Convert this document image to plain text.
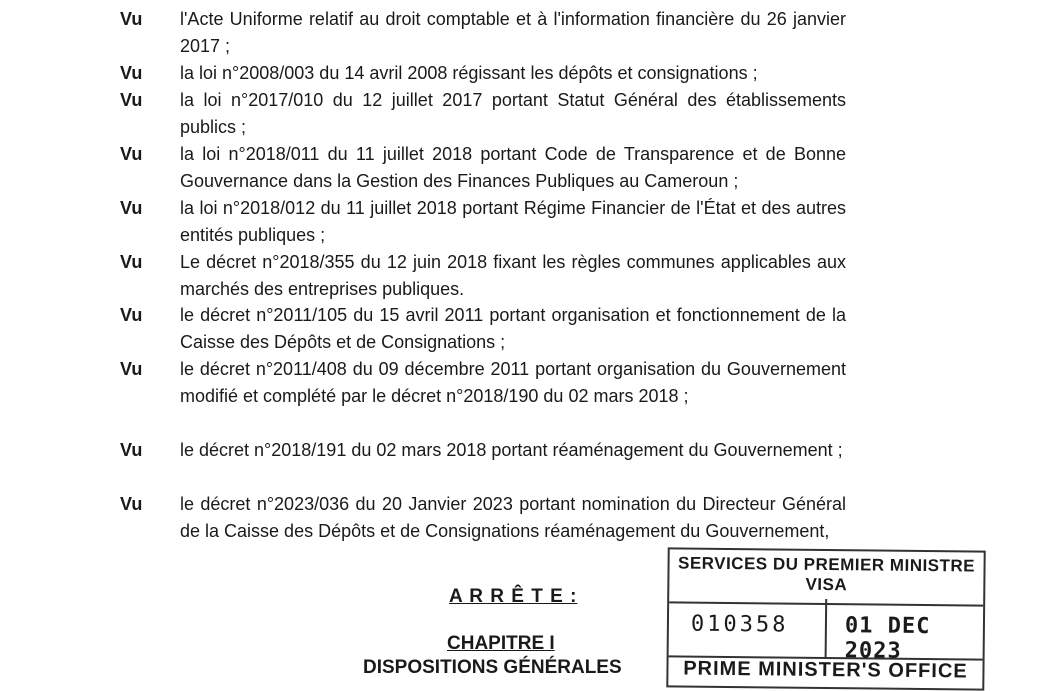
Vu l'Acte Uniforme relatif au droit comptable et à l'information financière du 26 janvier 2017 ;
Vu la loi n°2008/003 du 14 avril 2008 régissant les dépôts et consignations ;
Vu la loi n°2017/010 du 12 juillet 2017 portant Statut Général des établissements publics ;
Vu la loi n°2018/011 du 11 juillet 2018 portant Code de Transparence et de Bonne Gouvernance dans la Gestion des Finances Publiques au Cameroun ;
Vu la loi n°2018/012 du 11 juillet 2018 portant Régime Financier de l'État et des autres entités publiques ;
Vu Le décret n°2018/355 du 12 juin 2018 fixant les règles communes applicables aux marchés des entreprises publiques.
Vu le décret n°2011/105 du 15 avril 2011 portant organisation et fonctionnement de la Caisse des Dépôts et de Consignations ;
Vu le décret n°2011/408 du 09 décembre 2011 portant organisation du Gouvernement modifié et complété par le décret n°2018/190 du 02 mars 2018 ;
Vu le décret n°2018/191 du 02 mars 2018 portant réaménagement du Gouvernement ;
Vu le décret n°2023/036 du 20 Janvier 2023 portant nomination du Directeur Général de la Caisse des Dépôts et de Consignations réaménagement du Gouvernement,
A R R Ê T E :
CHAPITRE I
DISPOSITIONS GÉNÉRALES
SERVICES DU PREMIER MINISTRE
VISA
010358	01 DEC 2023
PRIME MINISTER'S OFFICE
